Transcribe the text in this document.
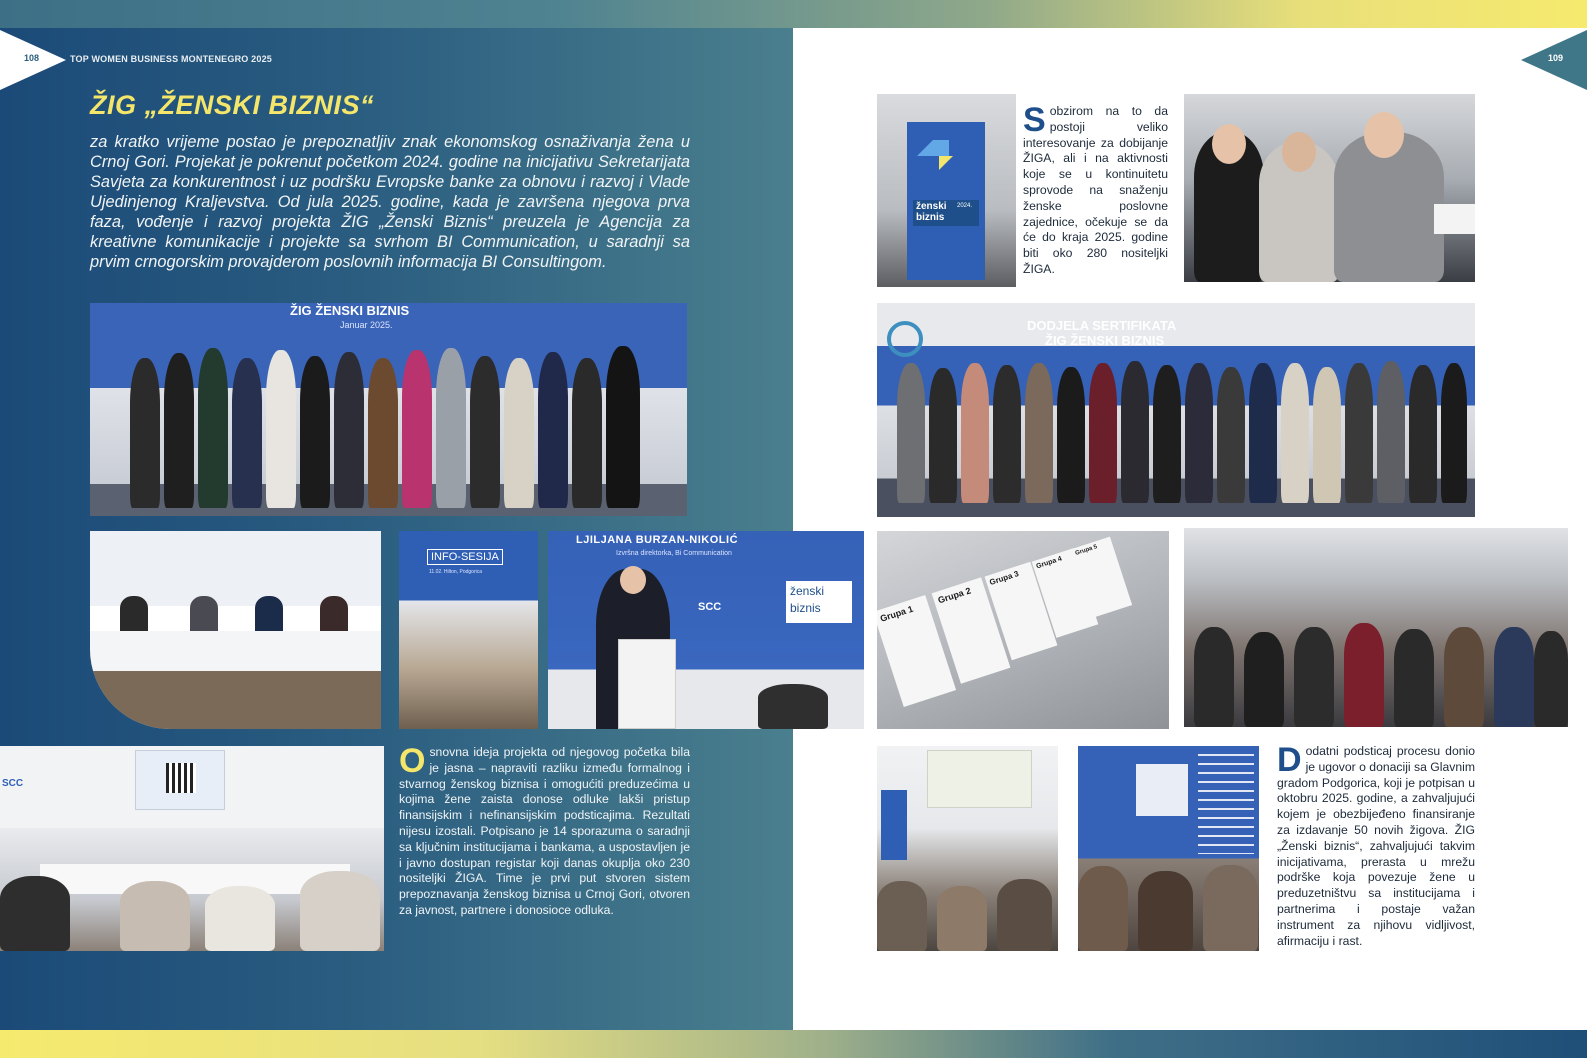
108	109
TOP WOMEN BUSINESS MONTENEGRO 2025
ŽIG „ŽENSKI BIZNIS“

za kratko vrijeme postao je prepoznatljiv znak ekonomskog osnaživanja žena u Crnoj Gori. Projekat je pokrenut početkom 2024. godine na inicijativu Sekretarijata Savjeta za konkurentnost i uz podršku Evropske banke za obnovu i razvoj i Vlade Ujedinjenog Kraljevstva. Od jula 2025. godine, kada je završena njegova prva faza, vođenje i razvoj projekta ŽIG „Ženski Biznis“ preuzela je Agencija za kreativne komunikacije i projekte sa svrhom BI Communication, u saradnji sa prvim crnogorskim provajderom poslovnih informacija BI Consultingom.

ŽIG ŽENSKI BIZNIS
Januar 2025.
INFO-SESIJA
11.02. Hilton, Podgorica
LJILJANA BURZAN-NIKOLIĆ
Izvršna direktorka, Bi Communication
ženski
biznis
SCC
SCC
Osnovna ideja projekta od njegovog početka bila je jasna – napraviti razliku između formalnog i stvarnog ženskog biznisa i omogućiti preduzećima u kojima žene zaista donose odluke lakši pristup finansijskim i nefinansijskim podsticajima. Rezultati nijesu izostali. Potpisano je 14 sporazuma o saradnji sa ključnim institucijama i bankama, a uspostavljen je i javno dostupan registar koji danas okuplja oko 230 nositeljki ŽIGA. Time je prvi put stvoren sistem prepoznavanja ženskog biznisa u Crnoj Gori, otvoren za javnost, partnere i donosioce odluka.
ženski
biznis
2024.
Sobzirom na to da postoji veliko interesovanje za dobijanje ŽIGA, ali i na aktivnosti koje se u kontinuitetu sprovode na snaženju ženske poslovne zajednice, očekuje se da će do kraja 2025. godine biti oko 280 nositeljki ŽIGA.
DODJELA SERTIFIKATA
ŽIG ŽENSKI BIZNIS
Grupa 1
Grupa 2
Grupa 3
Grupa 4
Grupa 5
Dodatni podsticaj procesu donio je ugovor o donaciji sa Glavnim gradom Podgorica, koji je potpisan u oktobru 2025. godine, a zahvaljujući kojem je obezbijeđeno finansiranje za izdavanje 50 novih žigova. ŽIG „Ženski biznis“, zahvaljujući takvim inicijativama, prerasta u mrežu podrške koja povezuje žene u preduzetništvu sa institucijama i partnerima i postaje važan instrument za njihovu vidljivost, afirmaciju i rast.
